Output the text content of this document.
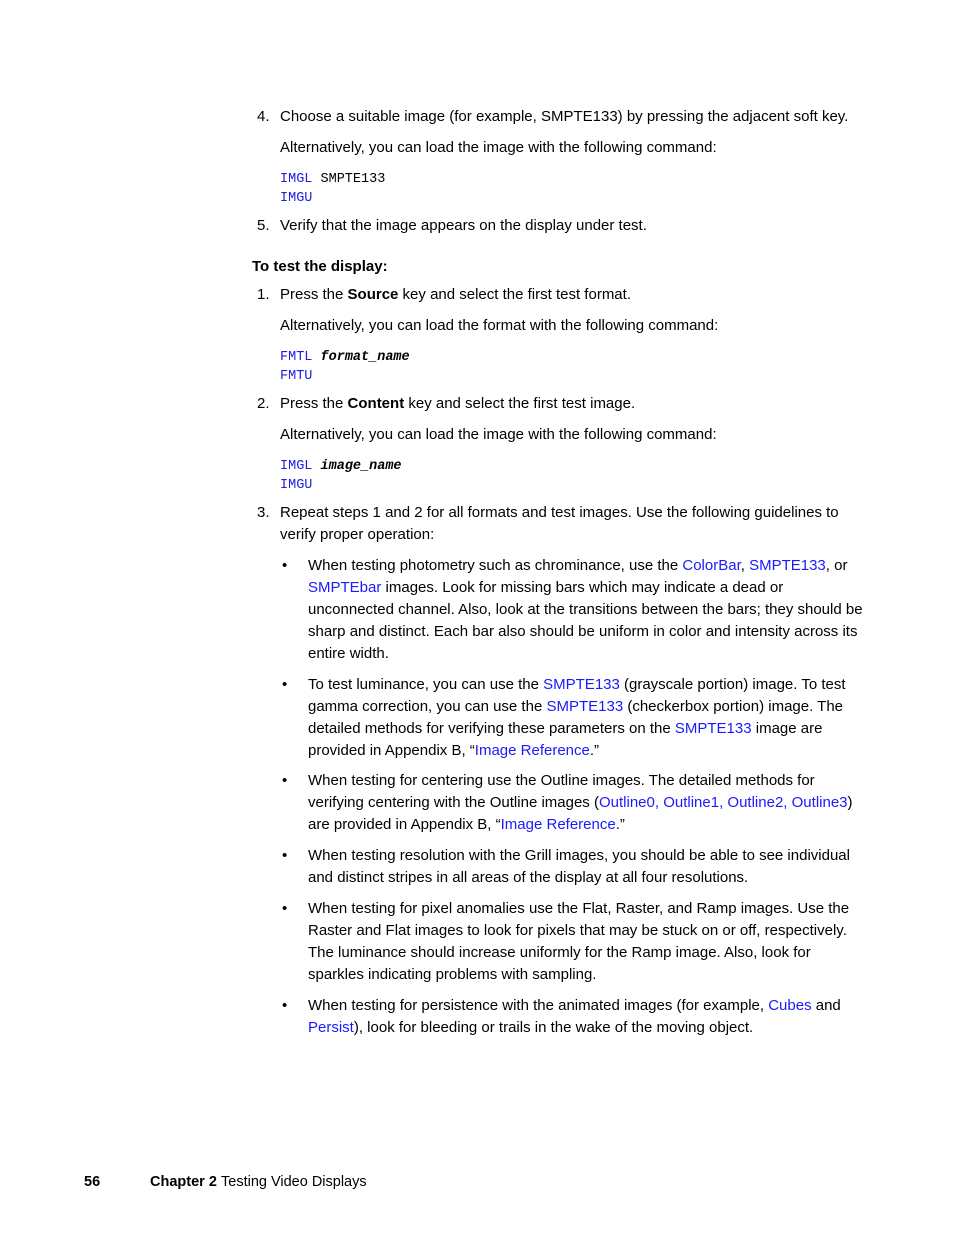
4. Choose a suitable image (for example, SMPTE133) by pressing the adjacent soft key.
Alternatively, you can load the image with the following command:
IMGL SMPTE133
IMGU
5. Verify that the image appears on the display under test.
To test the display:
1. Press the Source key and select the first test format.
Alternatively, you can load the format with the following command:
FMTL format_name
FMTU
2. Press the Content key and select the first test image.
Alternatively, you can load the image with the following command:
IMGL image_name
IMGU
3. Repeat steps 1 and 2 for all formats and test images. Use the following guidelines to
verify proper operation:
• When testing photometry such as chrominance, use the ColorBar, SMPTE133, or SMPTEbar images. Look for missing bars which may indicate a dead or unconnected channel. Also, look at the transitions between the bars; they should be sharp and distinct. Each bar also should be uniform in color and intensity across its entire width.
• To test luminance, you can use the SMPTE133 (grayscale portion) image. To test gamma correction, you can use the SMPTE133 (checkerbox portion) image. The detailed methods for verifying these parameters on the SMPTE133 image are provided in Appendix B, “Image Reference.”
• When testing for centering use the Outline images. The detailed methods for verifying centering with the Outline images (Outline0, Outline1, Outline2, Outline3) are provided in Appendix B, “Image Reference.”
• When testing resolution with the Grill images, you should be able to see individual and distinct stripes in all areas of the display at all four resolutions.
• When testing for pixel anomalies use the Flat, Raster, and Ramp images. Use the Raster and Flat images to look for pixels that may be stuck on or off, respectively. The luminance should increase uniformly for the Ramp image. Also, look for sparkles indicating problems with sampling.
• When testing for persistence with the animated images (for example, Cubes and Persist), look for bleeding or trails in the wake of the moving object.
56	Chapter 2 Testing Video Displays
